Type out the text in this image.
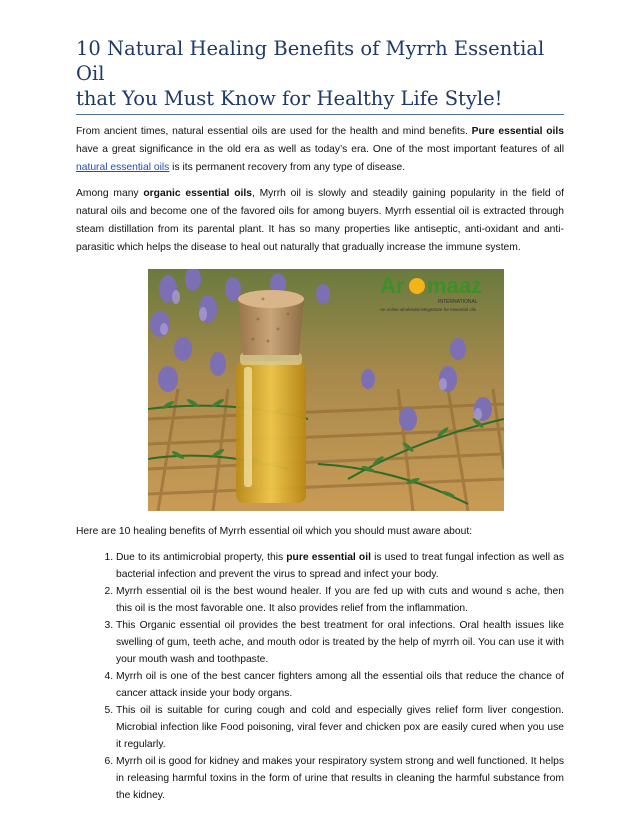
10 Natural Healing Benefits of Myrrh Essential Oil
that You Must Know for Healthy Life Style!

From ancient times, natural essential oils are used for the health and mind benefits. Pure essential oils have a great significance in the old era as well as today’s era. One of the most important features of all natural essential oils is its permanent recovery from any type of disease.

Among many organic essential oils, Myrrh oil is slowly and steadily gaining popularity in the field of natural oils and become one of the favored oils for among buyers. Myrrh essential oil is extracted through steam distillation from its parental plant. It has so many properties like antiseptic, anti-oxidant and anti-parasitic which helps the disease to heal out naturally that gradually increase the immune system.

Ar maaz
INTERNATIONAL
An online wholesale Megastore for essential oils

Here are 10 healing benefits of Myrrh essential oil which you should must aware about:

1. Due to its antimicrobial property, this pure essential oil is used to treat fungal infection as well as bacterial infection and prevent the virus to spread and infect your body.
2. Myrrh essential oil is the best wound healer. If you are fed up with cuts and wound s ache, then this oil is the most favorable one. It also provides relief from the inflammation.
3. This Organic essential oil provides the best treatment for oral infections. Oral health issues like swelling of gum, teeth ache, and mouth odor is treated by the help of myrrh oil. You can use it with your mouth wash and toothpaste.
4. Myrrh oil is one of the best cancer fighters among all the essential oils that reduce the chance of cancer attack inside your body organs.
5. This oil is suitable for curing cough and cold and especially gives relief form liver congestion. Microbial infection like Food poisoning, viral fever and chicken pox are easily cured when you use it regularly.
6. Myrrh oil is good for kidney and makes your respiratory system strong and well functioned. It helps in releasing harmful toxins in the form of urine that results in cleaning the harmful substance from the kidney.
